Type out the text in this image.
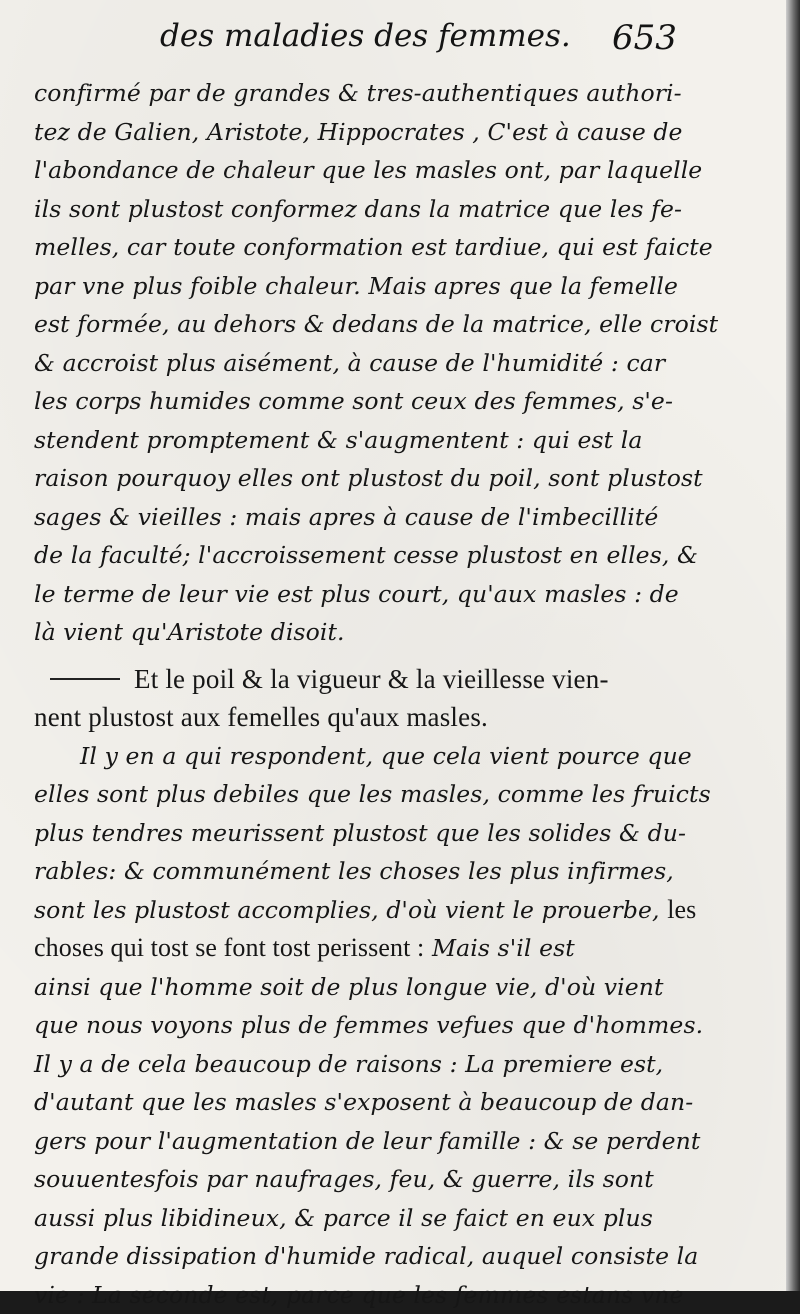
des maladies des femmes. 653
confirmé par de grandes & tres-authentiques authori-
tez de Galien, Aristote, Hippocrates , C'est à cause de
l'abondance de chaleur que les masles ont, par laquelle
ils sont plustost conformez dans la matrice que les fe-
melles, car toute conformation est tardiue, qui est faicte
par vne plus foible chaleur. Mais apres que la femelle
est formée, au dehors & dedans de la matrice, elle croist
& accroist plus aisément, à cause de l'humidité : car
les corps humides comme sont ceux des femmes, s'e-
stendent promptement & s'augmentent : qui est la
raison pourquoy elles ont plustost du poil, sont plustost
sages & vieilles : mais apres à cause de l'imbecillité
de la faculté; l'accroissement cesse plustost en elles, &
le terme de leur vie est plus court, qu'aux masles : de
là vient qu'Aristote disoit.
Et le poil & la vigueur & la vieillesse vien-
nent plustost aux femelles qu'aux masles.
Il y en a qui respondent, que cela vient pource que
elles sont plus debiles que les masles, comme les fruicts
plus tendres meurissent plustost que les solides & du-
rables: & communément les choses les plus infirmes,
sont les plustost accomplies, d'où vient le prouerbe, les
choses qui tost se font tost perissent : Mais s'il est
ainsi que l'homme soit de plus longue vie, d'où vient
que nous voyons plus de femmes vefues que d'hommes.
Il y a de cela beaucoup de raisons : La premiere est,
d'autant que les masles s'exposent à beaucoup de dan-
gers pour l'augmentation de leur famille : & se perdent
souuentesfois par naufrages, feu, & guerre, ils sont
aussi plus libidineux, & parce il se faict en eux plus
grande dissipation d'humide radical, auquel consiste la
vie : La seconde est, parce que les femmes estans vne
